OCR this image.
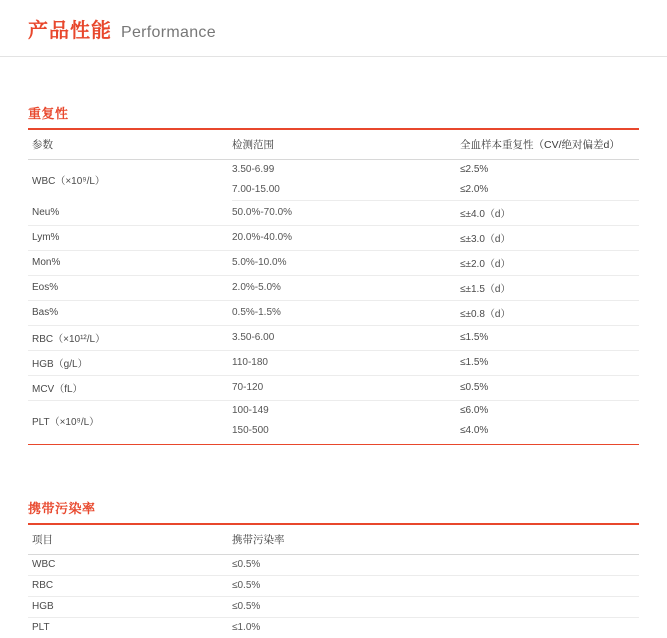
产品性能 Performance
重复性
参数	检测范围	全血样本重复性（CV/绝对偏差d）
WBC（×10⁹/L）	3.50-6.99	≤2.5%
	7.00-15.00	≤2.0%
Neu%	50.0%-70.0%	≤±4.0（d）
Lym%	20.0%-40.0%	≤±3.0（d）
Mon%	5.0%-10.0%	≤±2.0（d）
Eos%	2.0%-5.0%	≤±1.5（d）
Bas%	0.5%-1.5%	≤±0.8（d）
RBC（×10¹²/L）	3.50-6.00	≤1.5%
HGB（g/L）	110-180	≤1.5%
MCV（fL）	70-120	≤0.5%
PLT（×10⁹/L）	100-149	≤6.0%
	150-500	≤4.0%
携带污染率
项目	携带污染率
WBC	≤0.5%
RBC	≤0.5%
HGB	≤0.5%
PLT	≤1.0%
